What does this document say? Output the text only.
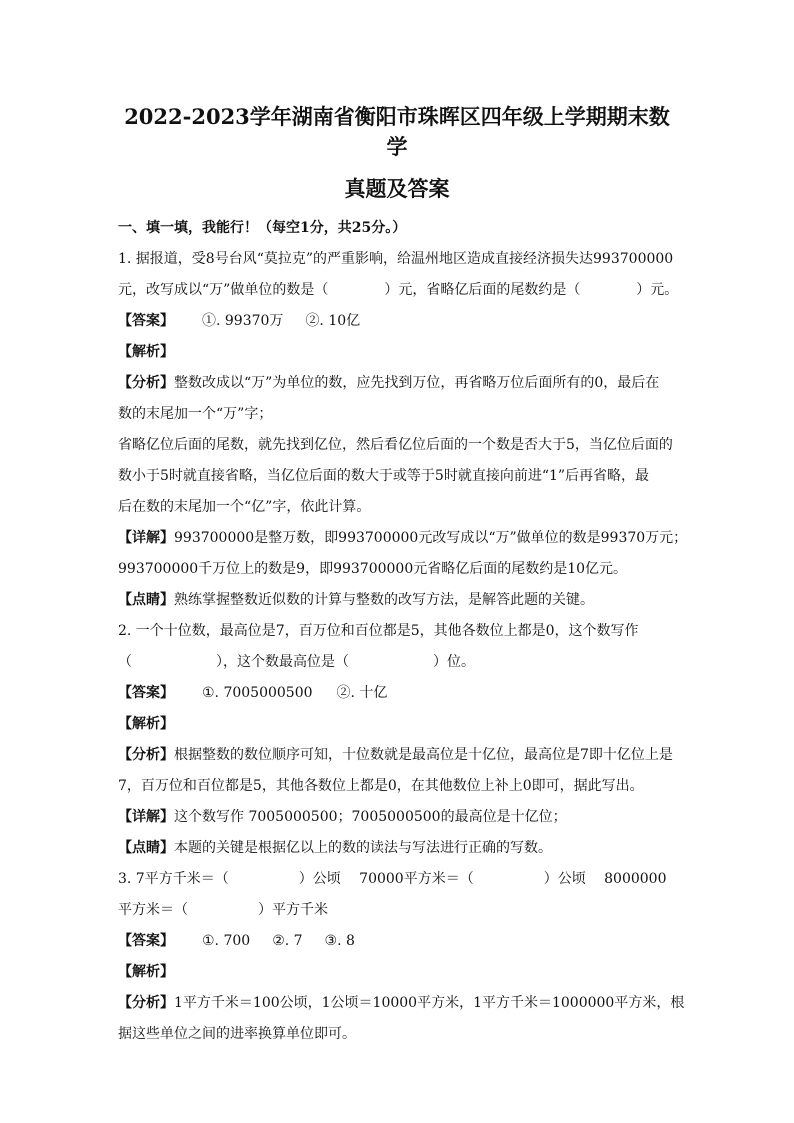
2022-2023学年湖南省衡阳市珠晖区四年级上学期期末数学
真题及答案
一、填一填，我能行！（每空1分，共25分。）
1. 据报道，受8号台风“莫拉克”的严重影响，给温州地区造成直接经济损失达993700000
元，改写成以“万”做单位的数是（　　　　）元，省略亿后面的尾数约是（　　　　）元。
【答案】 ①. 99370万 ②. 10亿
【解析】
【分析】整数改成以“万”为单位的数，应先找到万位，再省略万位后面所有的0，最后在
数的末尾加一个“万”字；
省略亿位后面的尾数，就先找到亿位，然后看亿位后面的一个数是否大于5，当亿位后面的
数小于5时就直接省略，当亿位后面的数大于或等于5时就直接向前进“1”后再省略，最
后在数的末尾加一个“亿”字，依此计算。
【详解】993700000是整万数，即993700000元改写成以“万”做单位的数是99370万元；
993700000千万位上的数是9，即993700000元省略亿后面的尾数约是10亿元。
【点睛】熟练掌握整数近似数的计算与整数的改写方法，是解答此题的关键。
2. 一个十位数，最高位是7，百万位和百位都是5，其他各数位上都是0，这个数写作
（　　　　　　），这个数最高位是（　　　　　　）位。
【答案】 ①. 7005000500 ②. 十亿
【解析】
【分析】根据整数的数位顺序可知，十位数就是最高位是十亿位，最高位是7即十亿位上是
7，百万位和百位都是5，其他各数位上都是0，在其他数位上补上0即可，据此写出。
【详解】这个数写作 7005000500；7005000500的最高位是十亿位；
【点睛】本题的关键是根据亿以上的数的读法与写法进行正确的写数。
3. 7平方千米＝（　　　　　）公顷　 70000平方米＝（　　　　　）公顷　 8000000
平方米＝（　　　　　）平方千米
【答案】 ①. 700 ②. 7 ③. 8
【解析】
【分析】1平方千米＝100公顷，1公顷＝10000平方米，1平方千米＝1000000平方米，根
据这些单位之间的进率换算单位即可。
